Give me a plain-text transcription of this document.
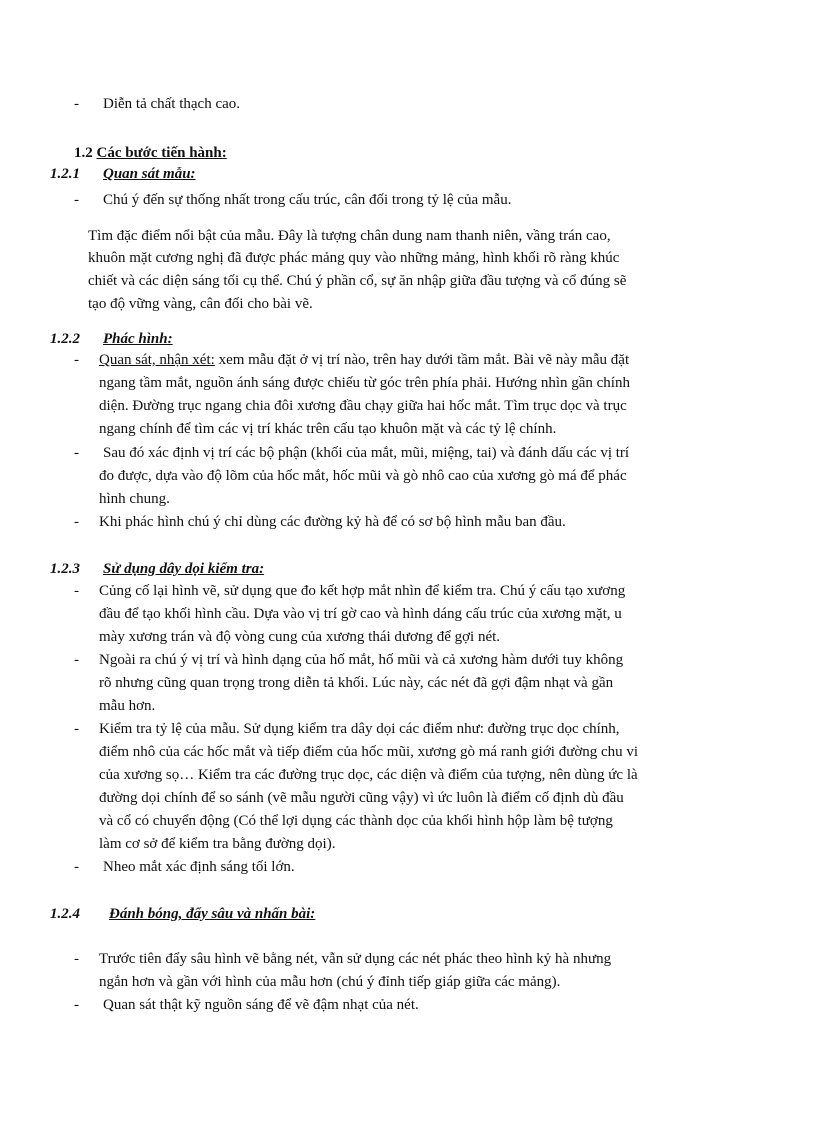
- Diễn tả chất thạch cao.
1.2 Các bước tiến hành:
1.2.1 Quan sát mẫu:
- Chú ý đến sự thống nhất trong cấu trúc, cân đối trong tỷ lệ của mẫu.
Tìm đặc điểm nổi bật của mẫu. Đây là tượng chân dung nam thanh niên, vầng trán cao,
khuôn mặt cương nghị đã được phác mảng quy vào những mảng, hình khối rõ ràng khúc
chiết và các diện sáng tối cụ thể. Chú ý phần cổ, sự ăn nhập giữa đầu tượng và cổ đúng sẽ
tạo độ vững vàng, cân đối cho bài vẽ.
1.2.2 Phác hình:
- Quan sát, nhận xét: xem mẫu đặt ở vị trí nào, trên hay dưới tầm mắt. Bài vẽ này mẫu đặt
ngang tầm mắt, nguồn ánh sáng được chiếu từ góc trên phía phải. Hướng nhìn gần chính
diện. Đường trục ngang chia đôi xương đầu chạy giữa hai hốc mắt. Tìm trục dọc và trục
ngang chính để tìm các vị trí khác trên cấu tạo khuôn mặt và các tỷ lệ chính.
- Sau đó xác định vị trí các bộ phận (khối của mắt, mũi, miệng, tai) và đánh dấu các vị trí
đo được, dựa vào độ lõm của hốc mắt, hốc mũi và gò nhô cao của xương gò má để phác
hình chung.
- Khi phác hình chú ý chỉ dùng các đường kỷ hà để có sơ bộ hình mẫu ban đầu.
1.2.3 Sử dụng dây dọi kiểm tra:
- Củng cố lại hình vẽ, sử dụng que đo kết hợp mắt nhìn để kiểm tra. Chú ý cấu tạo xương
đầu để tạo khối hình cầu. Dựa vào vị trí gờ cao và hình dáng cấu trúc của xương mặt, u
mày xương trán và độ vòng cung của xương thái dương để gợi nét.
- Ngoài ra chú ý vị trí và hình dạng của hố mắt, hố mũi và cả xương hàm dưới tuy không
rõ nhưng cũng quan trọng trong diễn tả khối. Lúc này, các nét đã gợi đậm nhạt và gần
mẫu hơn.
- Kiểm tra tỷ lệ của mẫu. Sử dụng kiểm tra dây dọi các điểm như: đường trục dọc chính,
điểm nhô của các hốc mắt và tiếp điểm của hốc mũi, xương gò má ranh giới đường chu vi
của xương sọ… Kiểm tra các đường trục dọc, các diện và điểm của tượng, nên dùng ức là
đường dọi chính để so sánh (vẽ mẫu người cũng vậy) vì ức luôn là điểm cố định dù đầu
và cổ có chuyển động (Có thể lợi dụng các thành dọc của khối hình hộp làm bệ tượng
làm cơ sở để kiểm tra bằng đường dọi).
- Nheo mắt xác định sáng tối lớn.
1.2.4 Đánh bóng, đẩy sâu và nhấn bài:
- Trước tiên đẩy sâu hình vẽ bằng nét, vẫn sử dụng các nét phác theo hình kỷ hà nhưng
ngắn hơn và gần với hình của mẫu hơn (chú ý đỉnh tiếp giáp giữa các mảng).
- Quan sát thật kỹ nguồn sáng để vẽ đậm nhạt của nét.
